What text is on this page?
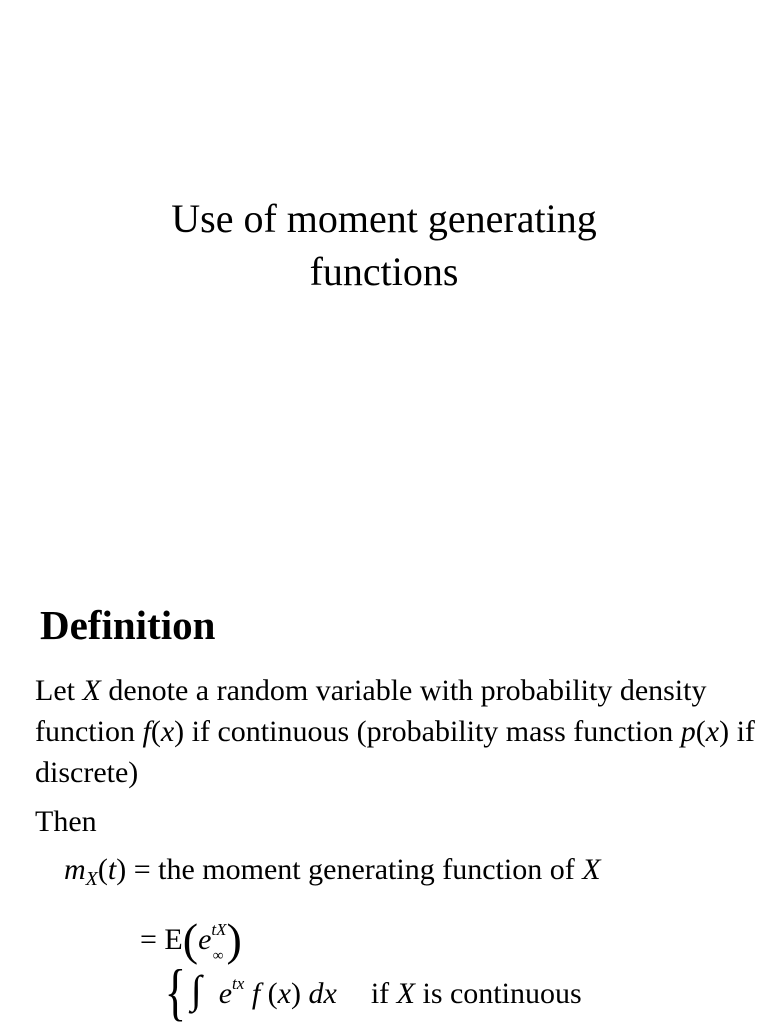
Use of moment generating
functions
Definition
Let X denote a random variable with probability density function f(x) if continuous (probability mass function p(x) if discrete)
Then
$m_X(t)$ = the moment generating function of X
= $E(e^{tX})$
{ ∫
∞
$e^{tx}$ f (x) dx if X is continuous
